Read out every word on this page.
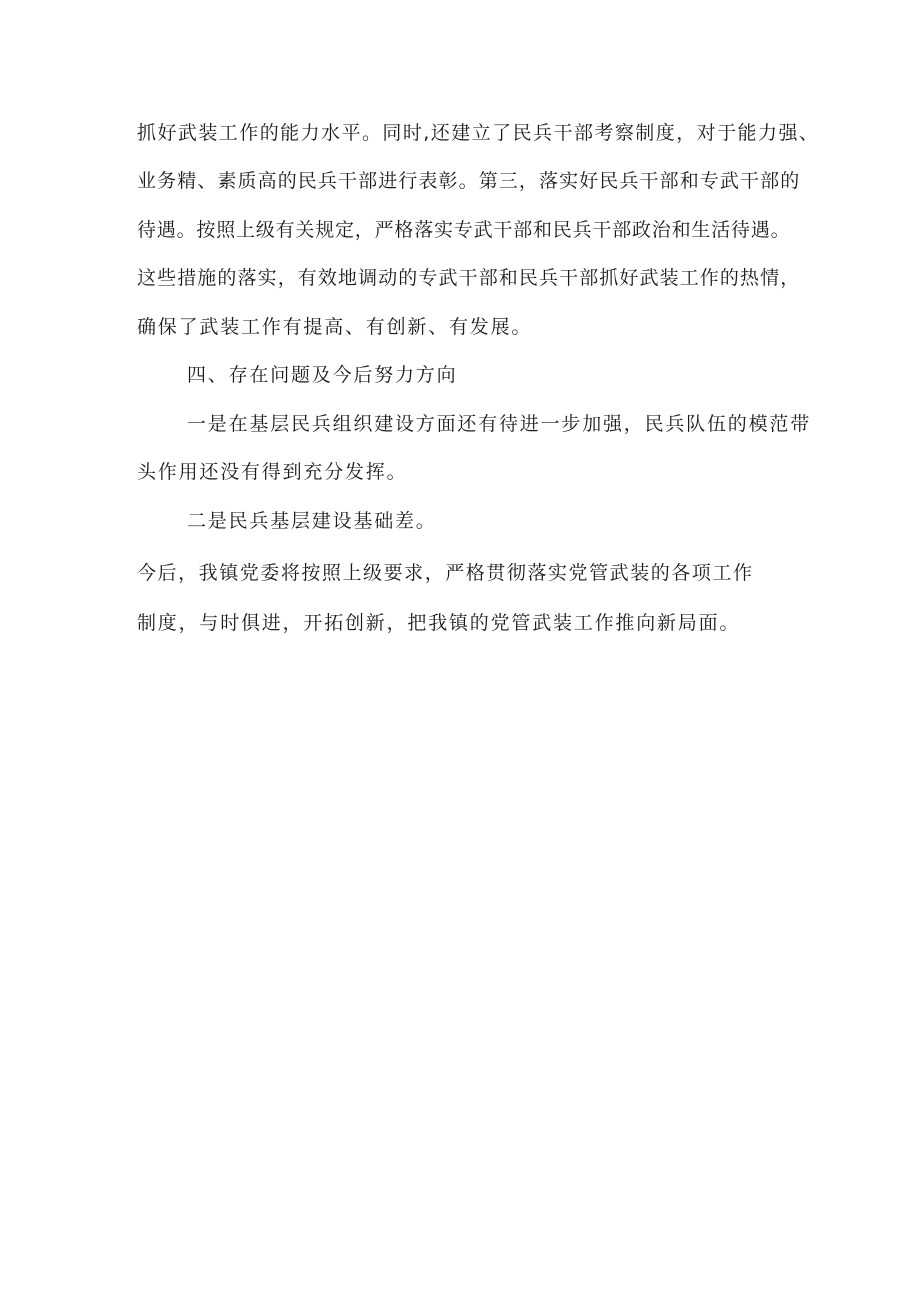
抓好武装工作的能力水平。同时,还建立了民兵干部考察制度，对于能力强、
业务精、素质高的民兵干部进行表彰。第三，落实好民兵干部和专武干部的
待遇。按照上级有关规定，严格落实专武干部和民兵干部政治和生活待遇。
这些措施的落实，有效地调动的专武干部和民兵干部抓好武装工作的热情，
确保了武装工作有提高、有创新、有发展。
四、存在问题及今后努力方向
一是在基层民兵组织建设方面还有待进一步加强，民兵队伍的模范带
头作用还没有得到充分发挥。
二是民兵基层建设基础差。
今后，我镇党委将按照上级要求，严格贯彻落实党管武装的各项工作
制度，与时俱进，开拓创新，把我镇的党管武装工作推向新局面。
